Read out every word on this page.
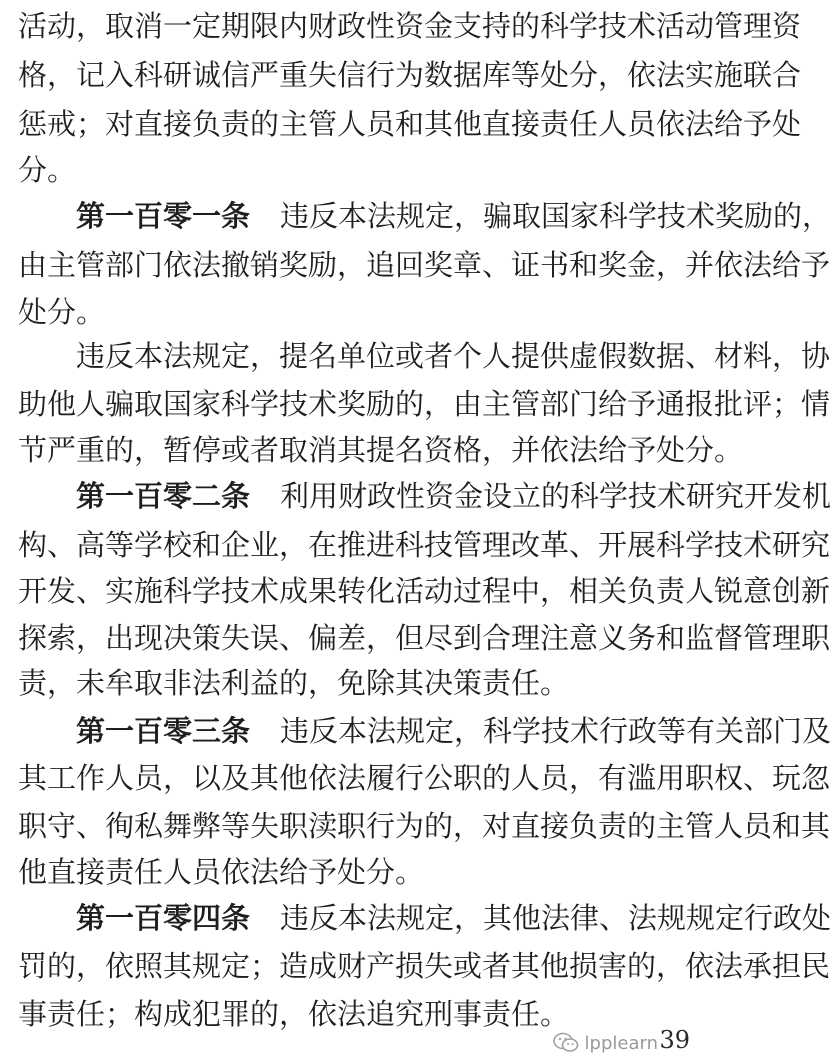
活动，取消一定期限内财政性资金支持的科学技术活动管理资
格，记入科研诚信严重失信行为数据库等处分，依法实施联合
惩戒；对直接负责的主管人员和其他直接责任人员依法给予处
分。
第一百零一条 违反本法规定，骗取国家科学技术奖励的，
由主管部门依法撤销奖励，追回奖章、证书和奖金，并依法给予
处分。
违反本法规定，提名单位或者个人提供虚假数据、材料，协
助他人骗取国家科学技术奖励的，由主管部门给予通报批评；情
节严重的，暂停或者取消其提名资格，并依法给予处分。
第一百零二条 利用财政性资金设立的科学技术研究开发机
构、高等学校和企业，在推进科技管理改革、开展科学技术研究
开发、实施科学技术成果转化活动过程中，相关负责人锐意创新
探索，出现决策失误、偏差，但尽到合理注意义务和监督管理职
责，未牟取非法利益的，免除其决策责任。
第一百零三条 违反本法规定，科学技术行政等有关部门及
其工作人员，以及其他依法履行公职的人员，有滥用职权、玩忽
职守、徇私舞弊等失职渎职行为的，对直接负责的主管人员和其
他直接责任人员依法给予处分。
第一百零四条 违反本法规定，其他法律、法规规定行政处
罚的，依照其规定；造成财产损失或者其他损害的，依法承担民
事责任；构成犯罪的，依法追究刑事责任。
39
lpplearn
